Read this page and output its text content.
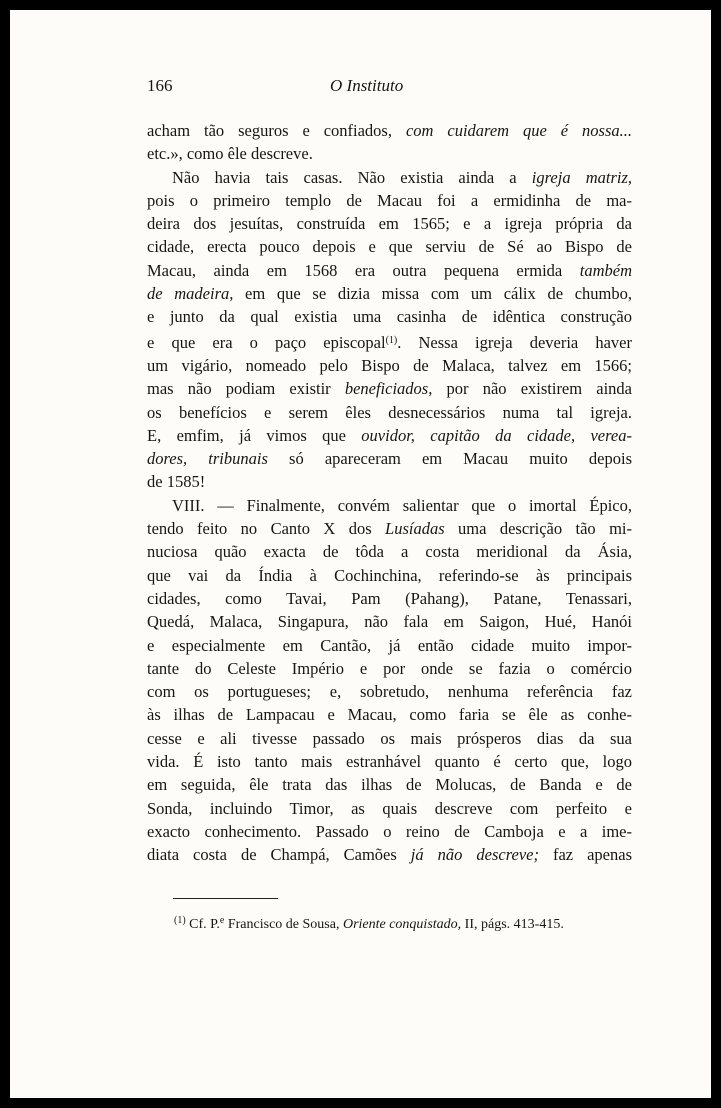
166	O Instituto
acham tão seguros e confiados, com cuidarem que é nossa...
etc.», como êle descreve.
Não havia tais casas. Não existia ainda a igreja matriz,
pois o primeiro templo de Macau foi a ermidinha de ma-
deira dos jesuítas, construída em 1565; e a igreja própria da
cidade, erecta pouco depois e que serviu de Sé ao Bispo de
Macau, ainda em 1568 era outra pequena ermida também
de madeira, em que se dizia missa com um cálix de chumbo,
e junto da qual existia uma casinha de idêntica construção
e que era o paço episcopal$^{(1)}$. Nessa igreja deveria haver
um vigário, nomeado pelo Bispo de Malaca, talvez em 1566;
mas não podiam existir beneficiados, por não existirem ainda
os benefícios e serem êles desnecessários numa tal igreja.
E, emfim, já vimos que ouvidor, capitão da cidade, verea-
dores, tribunais só apareceram em Macau muito depois
de 1585!
VIII. — Finalmente, convém salientar que o imortal Épico,
tendo feito no Canto X dos Lusíadas uma descrição tão mi-
nuciosa quão exacta de tôda a costa meridional da Ásia,
que vai da Índia à Cochinchina, referindo-se às principais
cidades, como Tavai, Pam (Pahang), Patane, Tenassari,
Quedá, Malaca, Singapura, não fala em Saigon, Hué, Hanói
e especialmente em Cantão, já então cidade muito impor-
tante do Celeste Império e por onde se fazia o comércio
com os portugueses; e, sobretudo, nenhuma referência faz
às ilhas de Lampacau e Macau, como faria se êle as conhe-
cesse e ali tivesse passado os mais prósperos dias da sua
vida. É isto tanto mais estranhável quanto é certo que, logo
em seguida, êle trata das ilhas de Molucas, de Banda e de
Sonda, incluindo Timor, as quais descreve com perfeito e
exacto conhecimento. Passado o reino de Camboja e a ime-
diata costa de Champá, Camões já não descreve; faz apenas
$^{(1)}$ Cf. P.$^e$ Francisco de Sousa, Oriente conquistado, II, págs. 413-415.
